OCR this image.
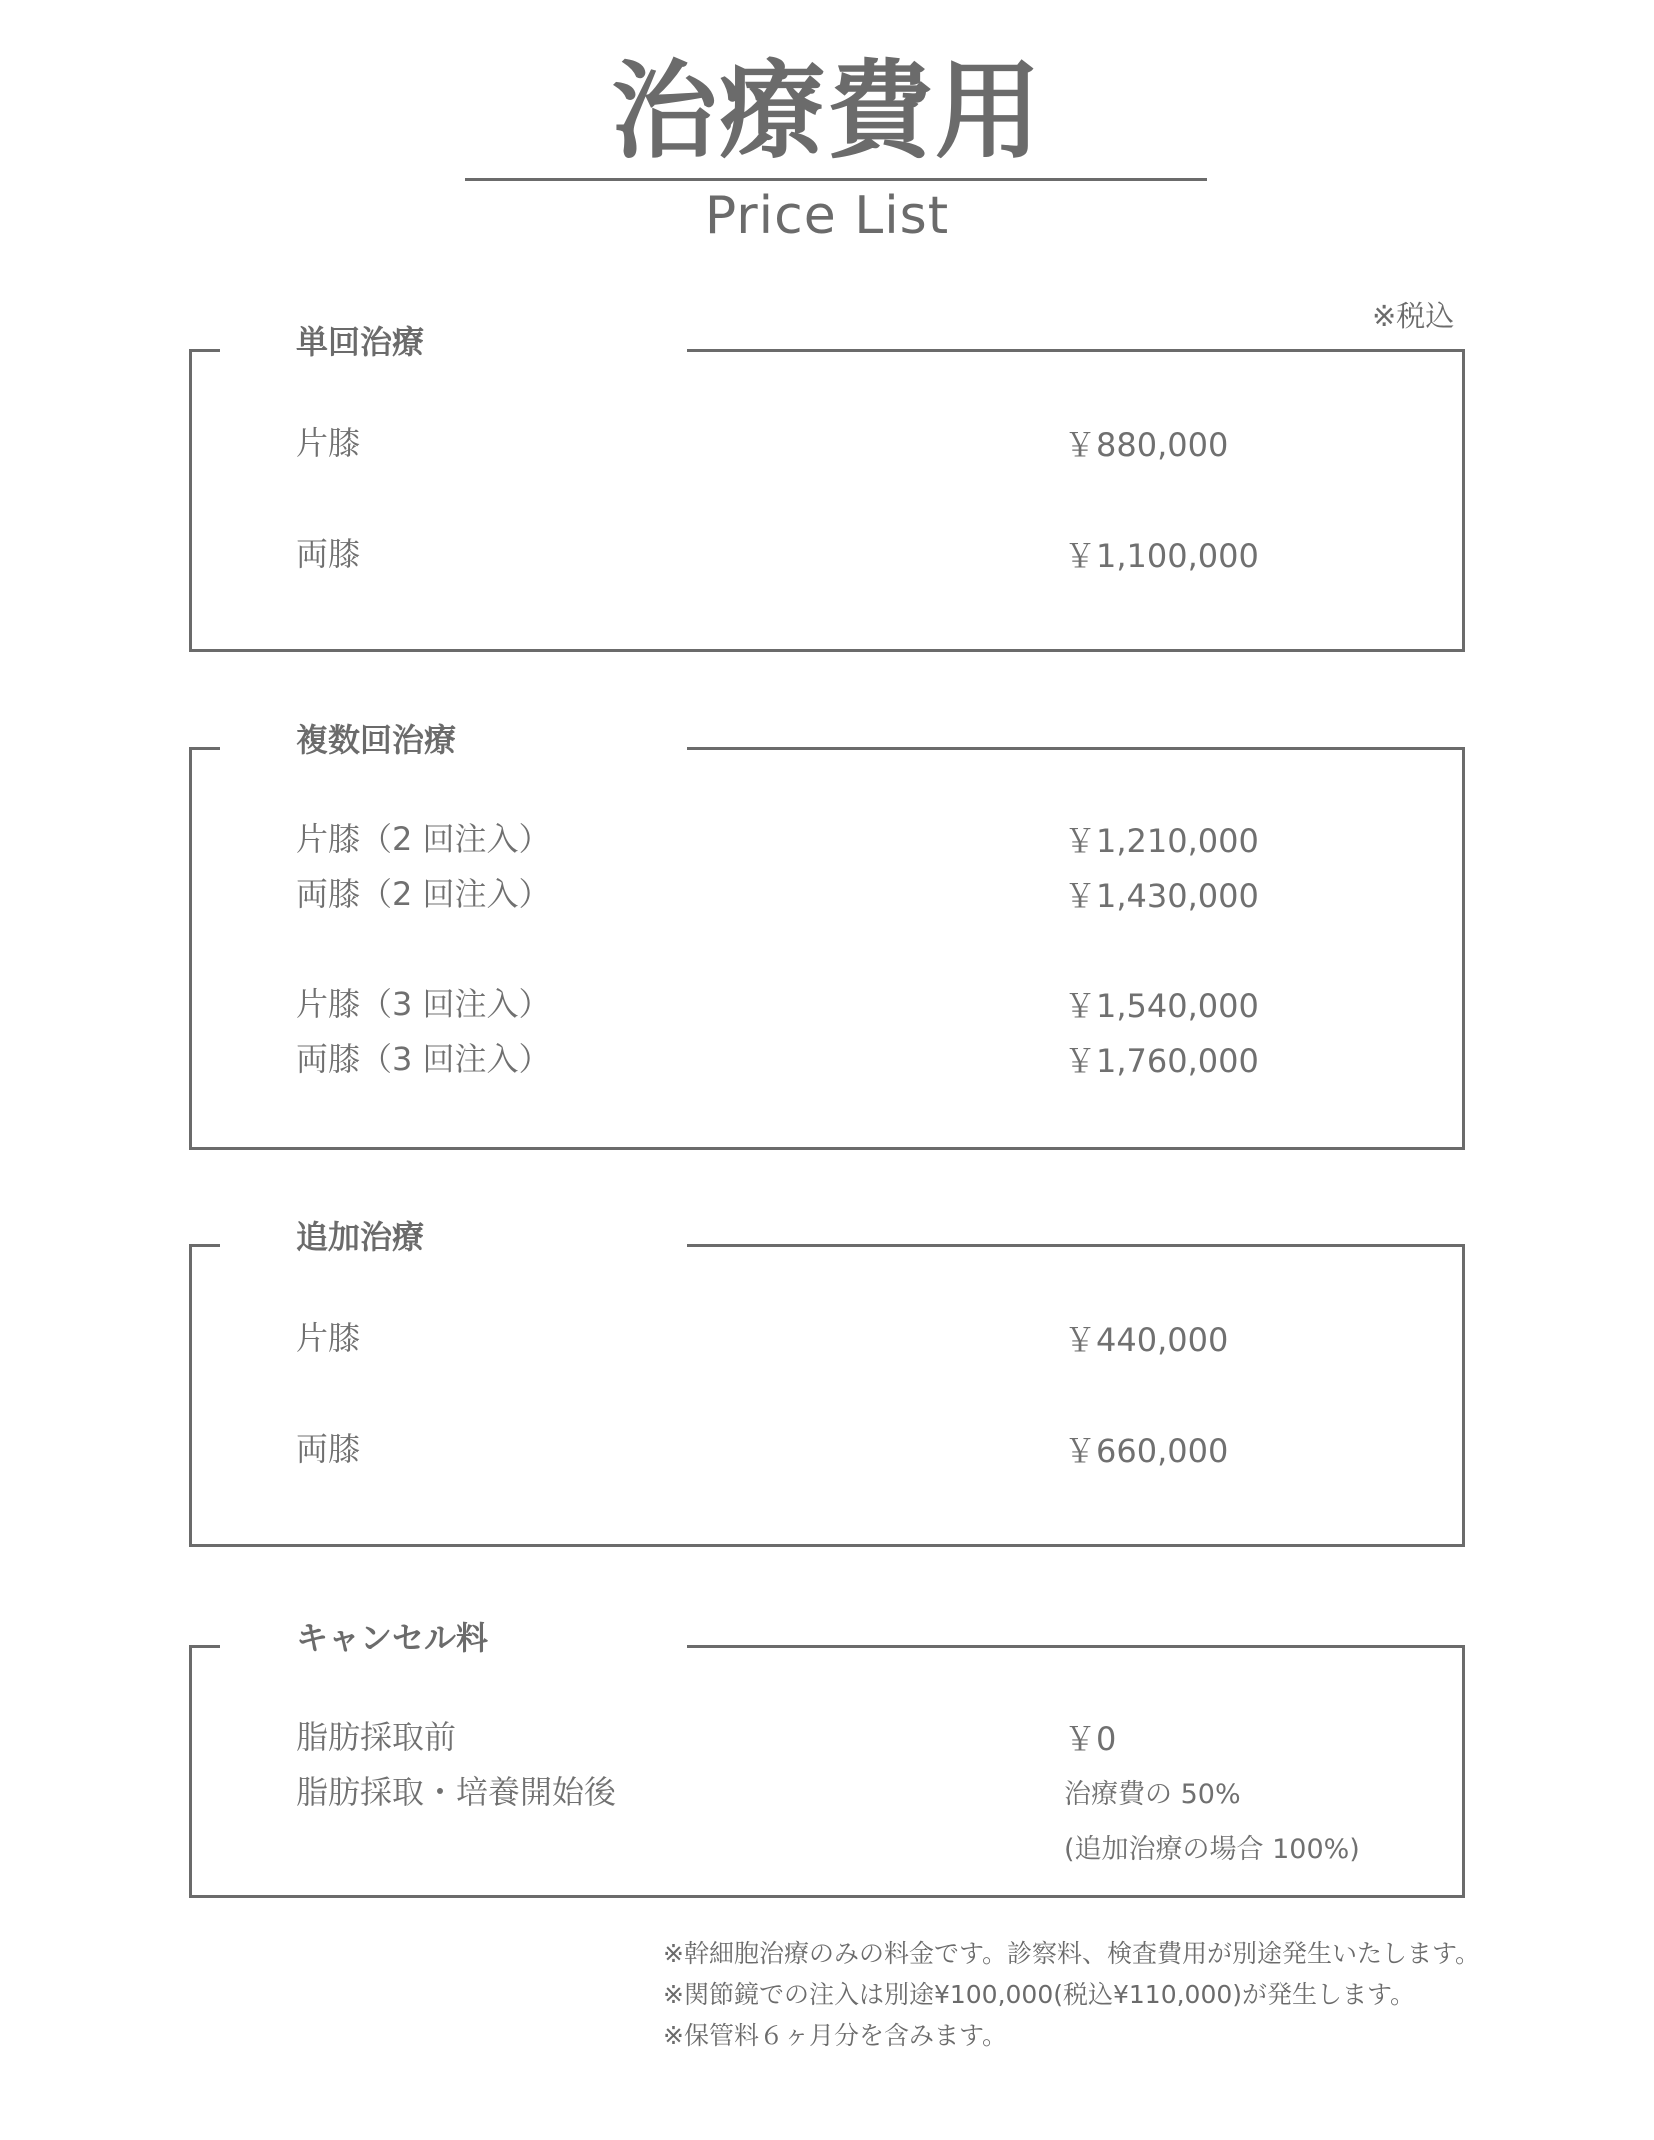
治療費用
Price List
※税込
単回治療
片膝	￥880,000
両膝	￥1,100,000
複数回治療
片膝（2 回注入）	￥1,210,000
両膝（2 回注入）	￥1,430,000
片膝（3 回注入）	￥1,540,000
両膝（3 回注入）	￥1,760,000
追加治療
片膝	￥440,000
両膝	￥660,000
キャンセル料
脂肪採取前	￥0
脂肪採取・培養開始後	治療費の 50%
(追加治療の場合 100%)
※幹細胞治療のみの料金です。診察料、検査費用が別途発生いたします。
※関節鏡での注入は別途¥100,000(税込¥110,000)が発生します。
※保管料６ヶ月分を含みます。
